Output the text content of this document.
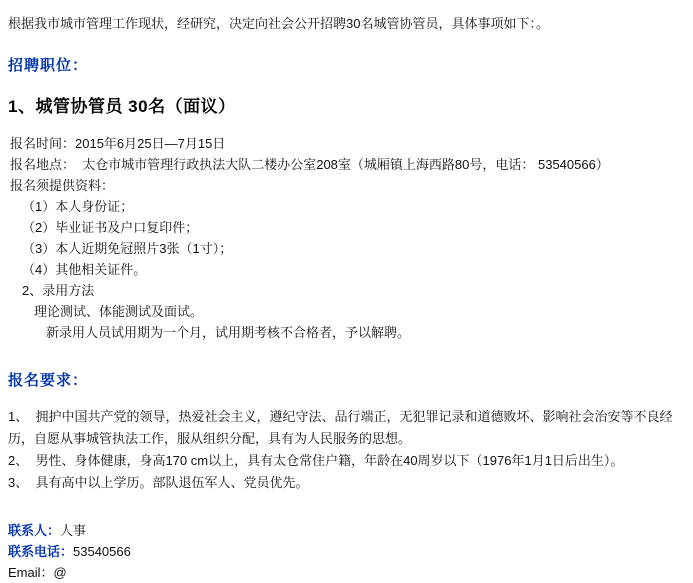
根据我市城市管理工作现状，经研究，决定向社会公开招聘30名城管协管员，具体事项如下：。
招聘职位：
1、城管协管员 30名（面议）
报名时间：2015年6月25日—7月15日
报名地点：  太仓市城市管理行政执法大队二楼办公室208室（城厢镇上海西路80号，电话： 53540566）
报名须提供资料：
（1）本人身份证；
（2）毕业证书及户口复印件；
（3）本人近期免冠照片3张（1寸）；
（4）其他相关证件。
2、录用方法
理论测试、体能测试及面试。
新录用人员试用期为一个月，试用期考核不合格者，予以解聘。
报名要求：
1、  拥护中国共产党的领导，热爱社会主义，遵纪守法、品行端正，无犯罪记录和道德败坏、影响社会治安等不良经历，自愿从事城管执法工作，服从组织分配，具有为人民服务的思想。
2、  男性、身体健康，身高170 cm以上，具有太仓常住户籍，年龄在40周岁以下（1976年1月1日后出生）。
3、  具有高中以上学历。部队退伍军人、党员优先。
联系人：人事
联系电话：53540566
Email：@
